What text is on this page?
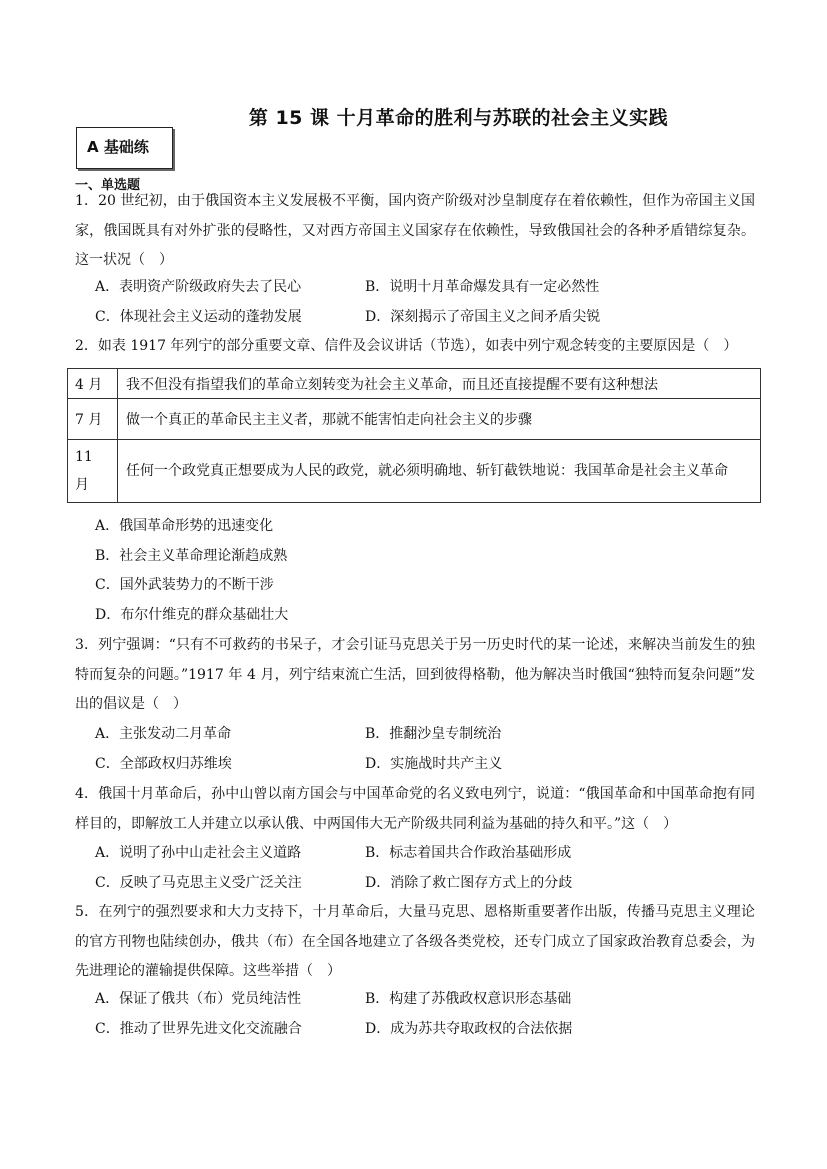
第 15 课 十月革命的胜利与苏联的社会主义实践
A 基础练
一、单选题
1．20 世纪初，由于俄国资本主义发展极不平衡，国内资产阶级对沙皇制度存在着依赖性，但作为帝国主义国家，俄国既具有对外扩张的侵略性，又对西方帝国主义国家存在依赖性，导致俄国社会的各种矛盾错综复杂。这一状况（　）
A．表明资产阶级政府失去了民心	B．说明十月革命爆发具有一定必然性
C．体现社会主义运动的蓬勃发展	D．深刻揭示了帝国主义之间矛盾尖锐
2．如表 1917 年列宁的部分重要文章、信件及会议讲话（节选），如表中列宁观念转变的主要原因是（　）
4 月	我不但没有指望我们的革命立刻转变为社会主义革命，而且还直接提醒不要有这种想法
7 月	做一个真正的革命民主主义者，那就不能害怕走向社会主义的步骤
11 月	任何一个政党真正想要成为人民的政党，就必须明确地、斩钉截铁地说：我国革命是社会主义革命
A．俄国革命形势的迅速变化
B．社会主义革命理论渐趋成熟
C．国外武装势力的不断干涉
D．布尔什维克的群众基础壮大
3．列宁强调：“只有不可救药的书呆子，才会引证马克思关于另一历史时代的某一论述，来解决当前发生的独特而复杂的问题。”1917 年 4 月，列宁结束流亡生活，回到彼得格勒，他为解决当时俄国“独特而复杂问题”发出的倡议是（　）
A．主张发动二月革命	B．推翻沙皇专制统治
C．全部政权归苏维埃	D．实施战时共产主义
4．俄国十月革命后，孙中山曾以南方国会与中国革命党的名义致电列宁，说道：“俄国革命和中国革命抱有同样目的，即解放工人并建立以承认俄、中两国伟大无产阶级共同利益为基础的持久和平。”这（　）
A．说明了孙中山走社会主义道路	B．标志着国共合作政治基础形成
C．反映了马克思主义受广泛关注	D．消除了救亡图存方式上的分歧
5．在列宁的强烈要求和大力支持下，十月革命后，大量马克思、恩格斯重要著作出版，传播马克思主义理论的官方刊物也陆续创办，俄共（布）在全国各地建立了各级各类党校，还专门成立了国家政治教育总委会，为先进理论的灌输提供保障。这些举措（　）
A．保证了俄共（布）党员纯洁性	B．构建了苏俄政权意识形态基础
C．推动了世界先进文化交流融合	D．成为苏共夺取政权的合法依据
